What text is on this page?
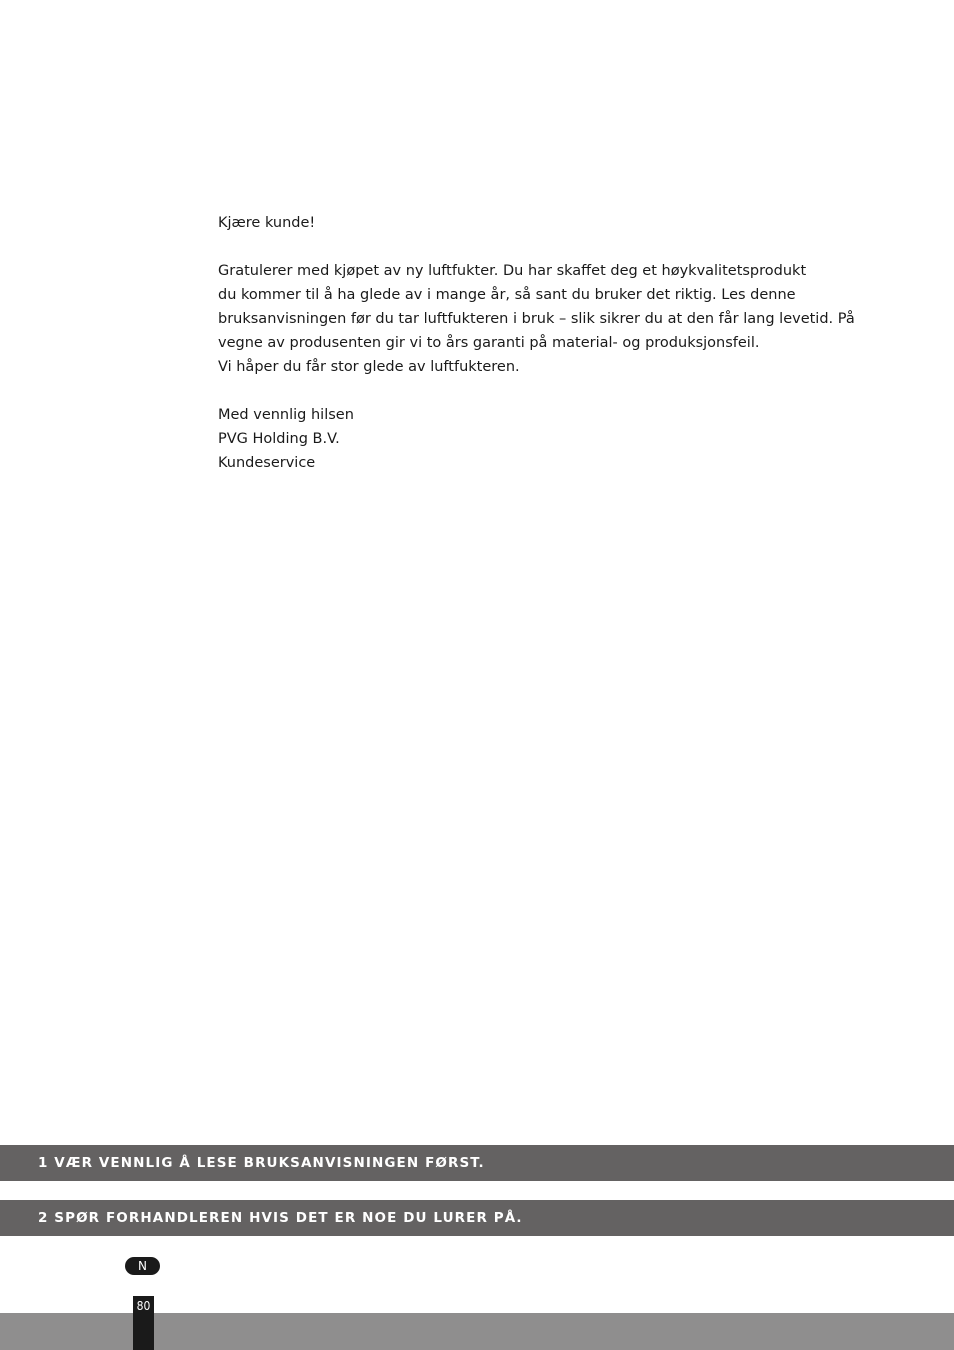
Kjære kunde!

Gratulerer med kjøpet av ny luftfukter. Du har skaffet deg et høykvalitetsprodukt

du kommer til å ha glede av i mange år, så sant du bruker det riktig. Les denne

bruksanvisningen før du tar luftfukteren i bruk – slik sikrer du at den får lang levetid. På

vegne av produsenten gir vi to års garanti på material- og produksjonsfeil.

Vi håper du får stor glede av luftfukteren.

Med vennlig hilsen

PVG Holding B.V.

Kundeservice

1 VÆR VENNLIG Å LESE BRUKSANVISNINGEN FØRST.
2 SPØR FORHANDLEREN HVIS DET ER NOE DU LURER PÅ.
N
80
